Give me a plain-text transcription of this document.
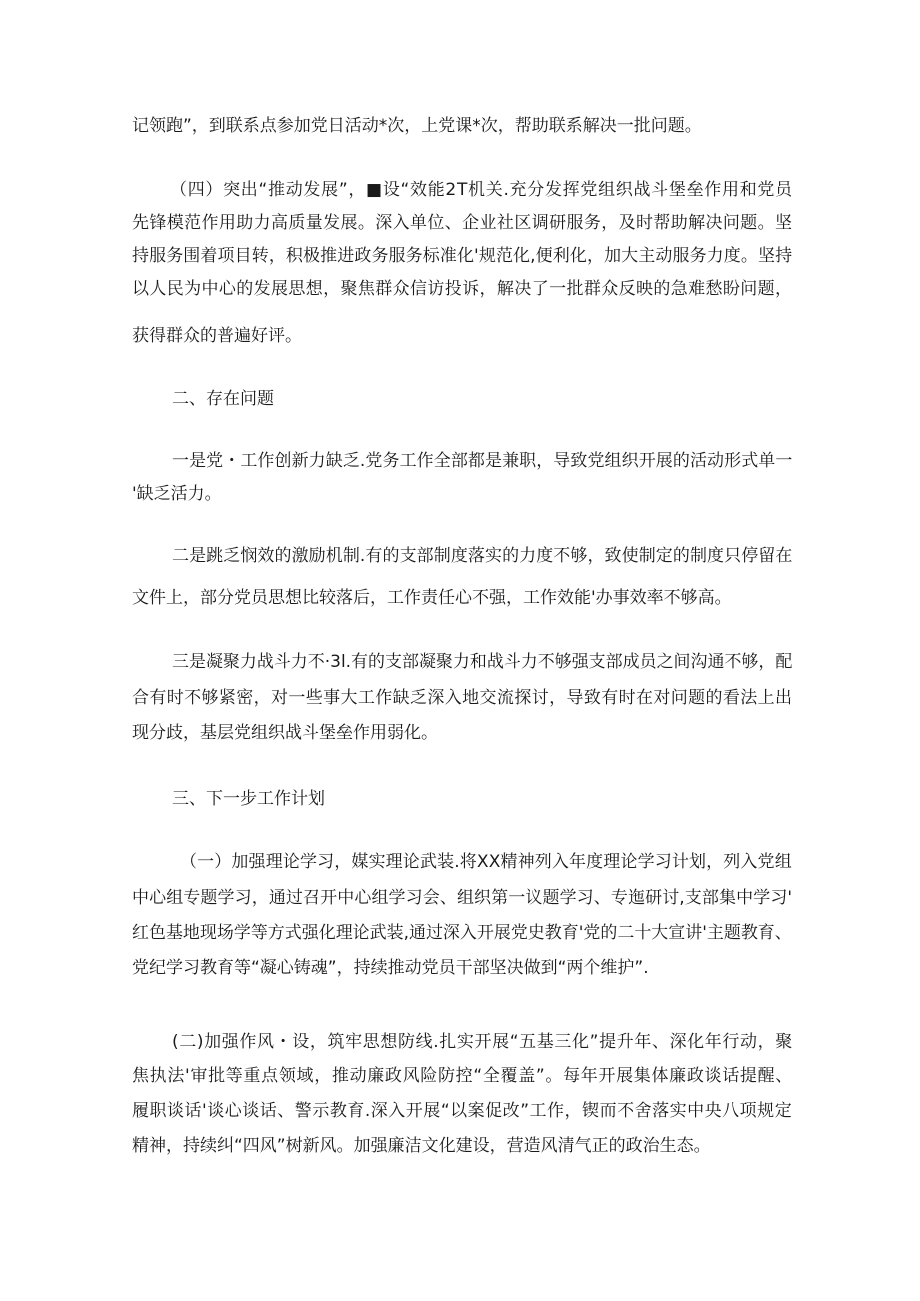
记领跑”，到联系点参加党日活动*次，上党课*次，帮助联系解决一批问题。
（四）突出“推动发展”，■设“效能2T机关.充分发挥党组织战斗堡垒作用和党员
先锋模范作用助力高质量发展。深入单位、企业社区调研服务，及时帮助解决问题。坚
持服务围着项目转，积极推进政务服务标准化'规范化,便利化，加大主动服务力度。坚持
以人民为中心的发展思想，聚焦群众信访投诉，解决了一批群众反映的急难愁盼问题，
获得群众的普遍好评。
二、存在问题
一是党・工作创新力缺乏.党务工作全部都是兼职，导致党组织开展的活动形式单一
'缺乏活力。
二是跳乏悯效的激励机制.有的支部制度落实的力度不够，致使制定的制度只停留在
文件上，部分党员思想比较落后，工作责任心不强，工作效能'办事效率不够高。
三是凝聚力战斗力不·3l.有的支部凝聚力和战斗力不够强支部成员之间沟通不够，配
合有时不够紧密，对一些事大工作缺乏深入地交流探讨，导致有时在对问题的看法上出
现分歧，基层党组织战斗堡垒作用弱化。
三、下一步工作计划
（一）加强理论学习，媒实理论武装.将XX精神列入年度理论学习计划，列入党组
中心组专题学习，通过召开中心组学习会、组织第一议题学习、专迤研讨,支部集中学习'
红色基地现场学等方式强化理论武装,通过深入开展党史教育'党的二十大宣讲'主题教育、
党纪学习教育等“凝心铸魂”，持续推动党员干部坚决做到“两个维护”.
(二)加强作风・设，筑牢思想防线.扎实开展“五基三化”提升年、深化年行动，聚
焦执法'审批等重点领域，推动廉政风险防控“全覆盖”。每年开展集体廉政谈话提醒、
履职谈话'谈心谈话、警示教育.深入开展“以案促改”工作，锲而不舍落实中央八项规定
精神，持续纠“四风”树新风。加强廉洁文化建设，营造风清气正的政治生态。
